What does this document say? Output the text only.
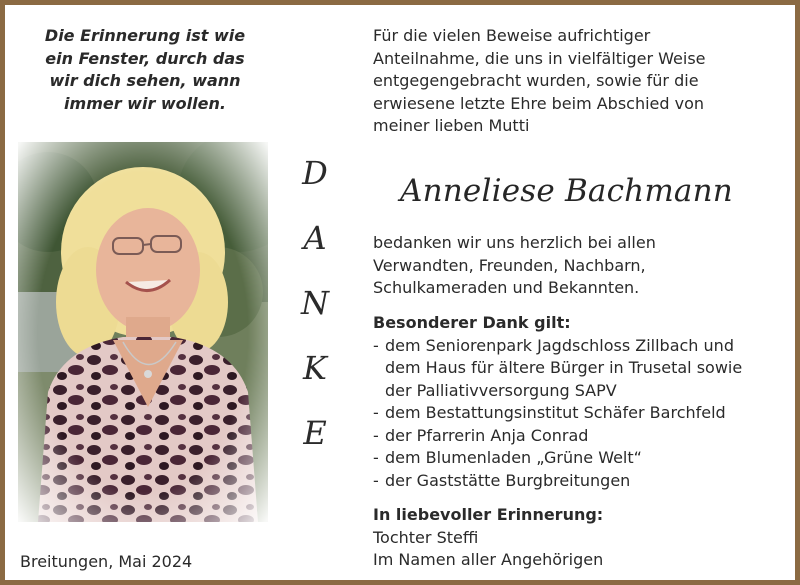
Die Erinnerung ist wie
ein Fenster, durch das
wir dich sehen, wann
immer wir wollen.
D
A
N
K
E
Für die vielen Beweise aufrichtiger
Anteilnahme, die uns in vielfältiger Weise
entgegengebracht wurden, sowie für die
erwiesene letzte Ehre beim Abschied von
meiner lieben Mutti
Anneliese Bachmann
bedanken wir uns herzlich bei allen
Verwandten, Freunden, Nachbarn,
Schulkameraden und Bekannten.
Besonderer Dank gilt:
- dem Seniorenpark Jagdschloss Zillbach und
dem Haus für ältere Bürger in Trusetal sowie
der Palliativversorgung SAPV
- dem Bestattungsinstitut Schäfer Barchfeld
- der Pfarrerin Anja Conrad
- dem Blumenladen „Grüne Welt“
- der Gaststätte Burgbreitungen
In liebevoller Erinnerung:
Tochter Steffi
Im Namen aller Angehörigen
Breitungen, Mai 2024
